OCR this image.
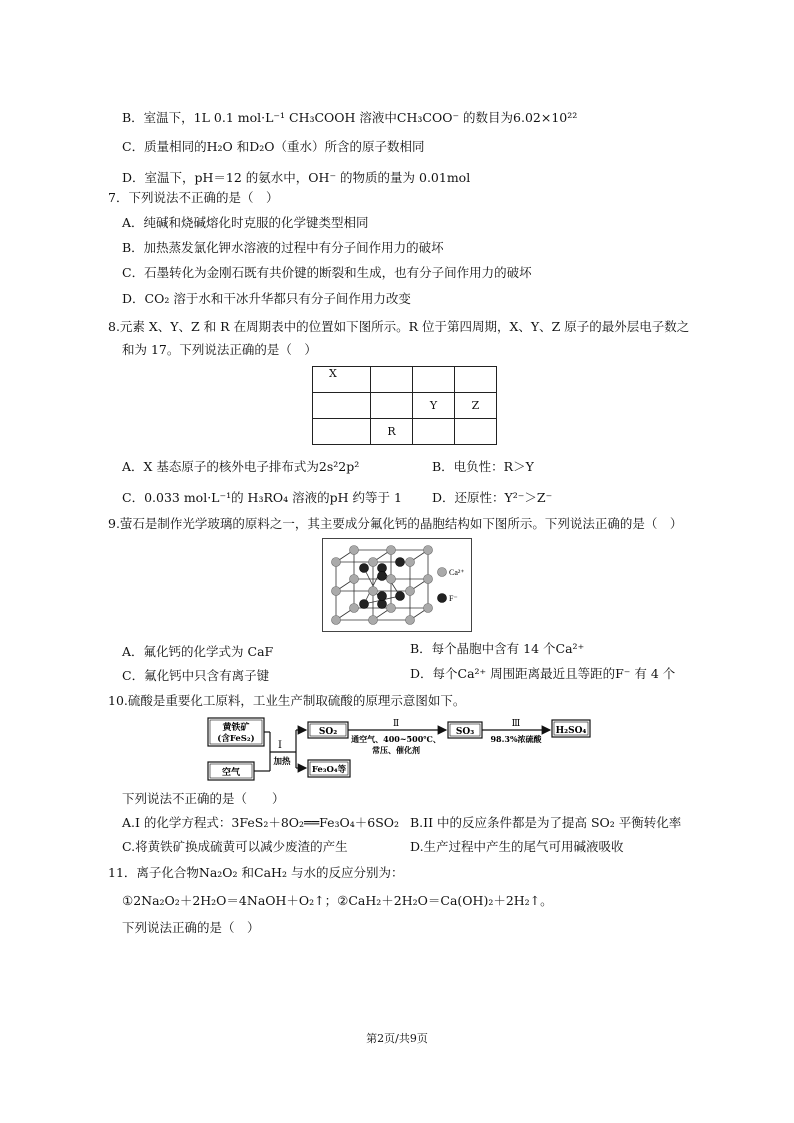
B．室温下，1L 0.1 mol·L⁻¹ CH₃COOH 溶液中CH₃COO⁻ 的数目为6.02×10²²
C．质量相同的H₂O 和D₂O（重水）所含的原子数相同
D．室温下，pH＝12 的氨水中，OH⁻ 的物质的量为 0.01mol
7．下列说法不正确的是（　）
A．纯碱和烧碱熔化时克服的化学键类型相同
B．加热蒸发氯化钾水溶液的过程中有分子间作用力的破坏
C．石墨转化为金刚石既有共价键的断裂和生成，也有分子间作用力的破坏
D．CO₂ 溶于水和干冰升华都只有分子间作用力改变
8.元素 X、Y、Z 和 R 在周期表中的位置如下图所示。R 位于第四周期，X、Y、Z 原子的最外层电子数之
和为 17。下列说法正确的是（　）
X			
		Y	Z
	R		
A．X 基态原子的核外电子排布式为2s²2p²	B．电负性：R＞Y
C．0.033 mol·L⁻¹的 H₃RO₄ 溶液的pH 约等于 1 D．还原性：Y²⁻＞Z⁻
9.萤石是制作光学玻璃的原料之一，其主要成分氟化钙的晶胞结构如下图所示。下列说法正确的是（　）
Ca²⁺
F⁻
A．氟化钙的化学式为 CaF	B．每个晶胞中含有 14 个Ca²⁺
C．氟化钙中只含有离子键	D．每个Ca²⁺ 周围距离最近且等距的F⁻ 有 4 个
10.硫酸是重要化工原料，工业生产制取硫酸的原理示意图如下。
黄铁矿
(含FeS₂)
空气
I
加热
SO₂
Ⅱ
通空气、400~500℃、
常压、催化剂
SO₃
Ⅲ
98.3%浓硫酸
H₂SO₄
Fe₃O₄等
下列说法不正确的是（　　）
A.I 的化学方程式：3FeS₂＋8O₂══Fe₃O₄＋6SO₂ B.II 中的反应条件都是为了提高 SO₂ 平衡转化率
C.将黄铁矿换成硫黄可以减少废渣的产生	D.生产过程中产生的尾气可用碱液吸收
11．离子化合物Na₂O₂ 和CaH₂ 与水的反应分别为：
①2Na₂O₂＋2H₂O＝4NaOH＋O₂↑；②CaH₂＋2H₂O＝Ca(OH)₂＋2H₂↑。
下列说法正确的是（　）
第2页/共9页
